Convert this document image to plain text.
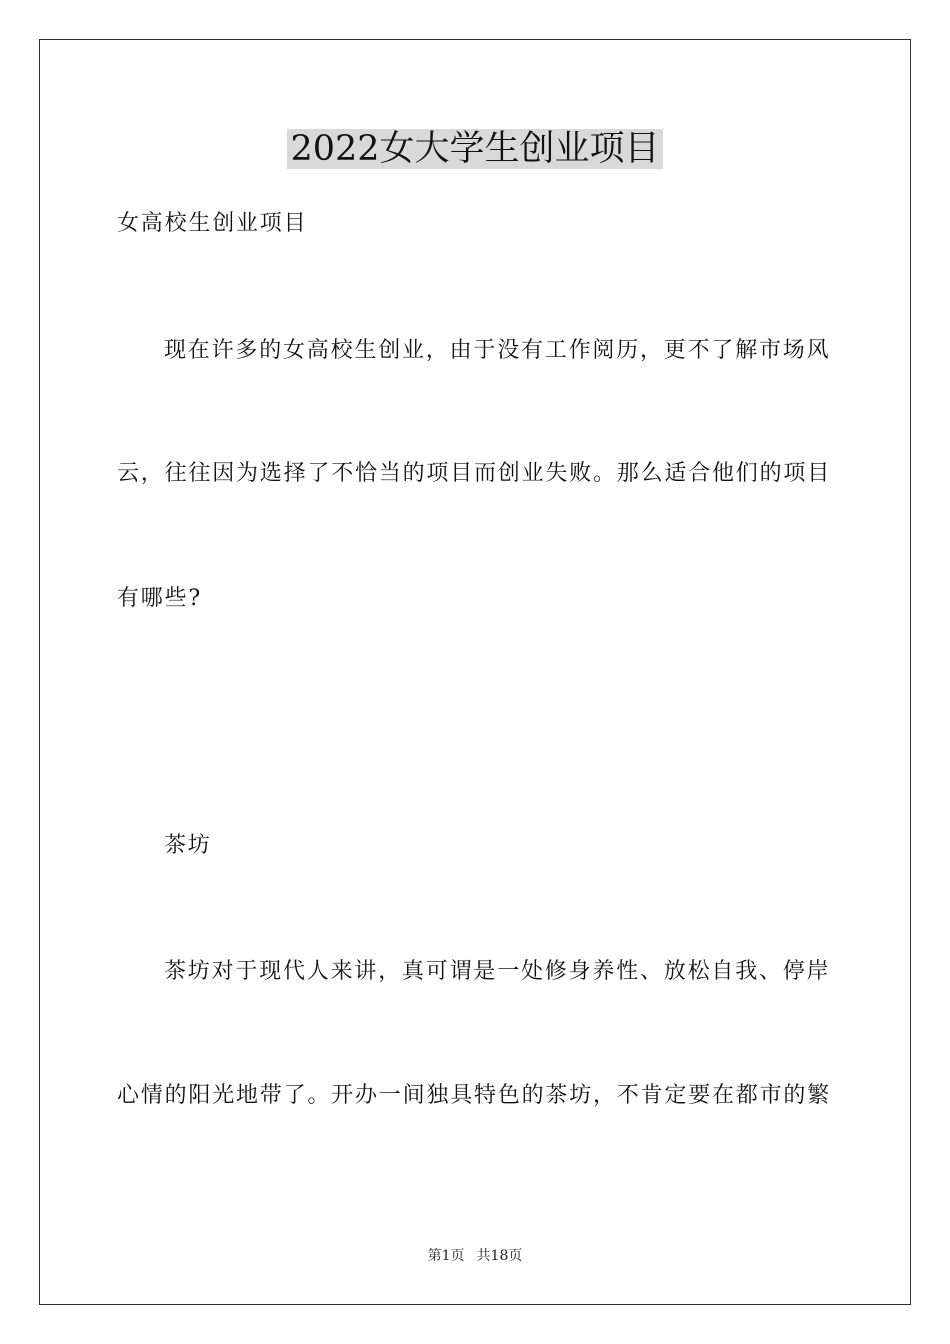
2022女大学生创业项目
女高校生创业项目
现在许多的女高校生创业，由于没有工作阅历，更不了解市场风
云，往往因为选择了不恰当的项目而创业失败。那么适合他们的项目
有哪些?
茶坊
茶坊对于现代人来讲，真可谓是一处修身养性、放松自我、停岸
心情的阳光地带了。开办一间独具特色的茶坊，不肯定要在都市的繁
第1页 共18页
